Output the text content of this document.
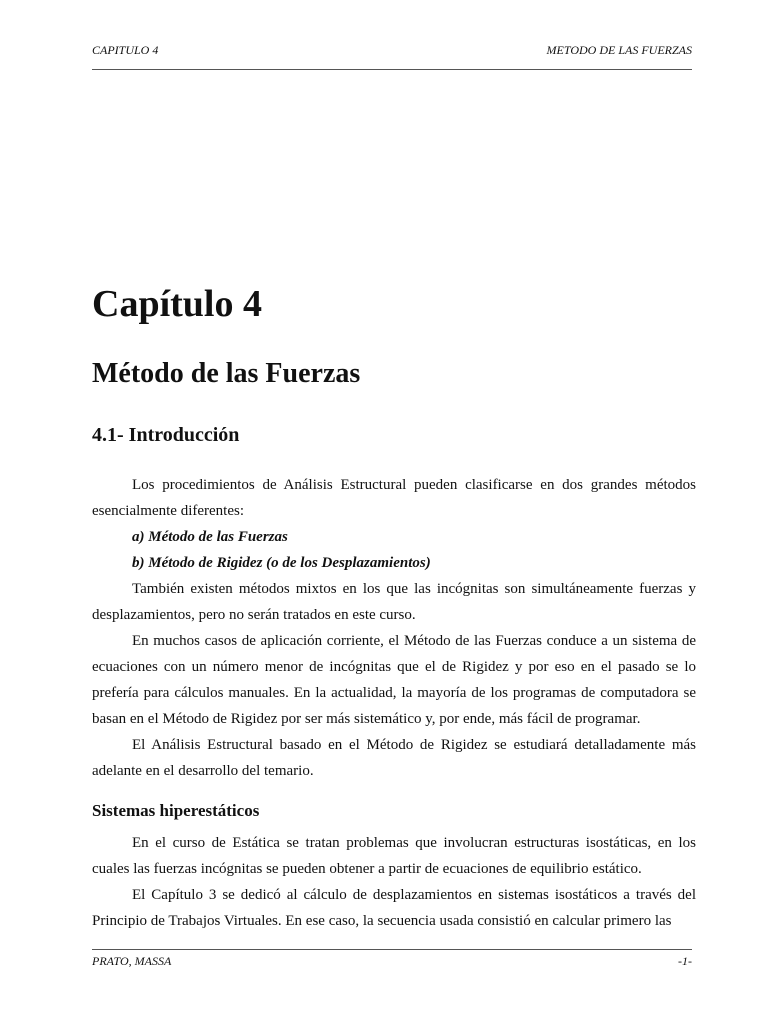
CAPITULO 4	METODO DE LAS FUERZAS
Capítulo 4
Método de las Fuerzas
4.1- Introducción

Los procedimientos de Análisis Estructural pueden clasificarse en dos grandes métodos esencialmente diferentes:

a) Método de las Fuerzas

b) Método de Rigidez (o de los Desplazamientos)

También existen métodos mixtos en los que las incógnitas son simultáneamente fuerzas y desplazamientos, pero no serán tratados en este curso.

En muchos casos de aplicación corriente, el Método de las Fuerzas conduce a un sistema de ecuaciones con un número menor de incógnitas que el de Rigidez y por eso en el pasado se lo prefería para cálculos manuales. En la actualidad, la mayoría de los programas de computadora se basan en el Método de Rigidez por ser más sistemático y, por ende, más fácil de programar.

El Análisis Estructural basado en el Método de Rigidez se estudiará detalladamente más adelante en el desarrollo del temario.

Sistemas hiperestáticos

En el curso de Estática se tratan problemas que involucran estructuras isostáticas, en los cuales las fuerzas incógnitas se pueden obtener a partir de ecuaciones de equilibrio estático.

El Capítulo 3 se dedicó al cálculo de desplazamientos en sistemas isostáticos a través del Principio de Trabajos Virtuales. En ese caso, la secuencia usada consistió en calcular primero las

PRATO, MASSA	-1-
